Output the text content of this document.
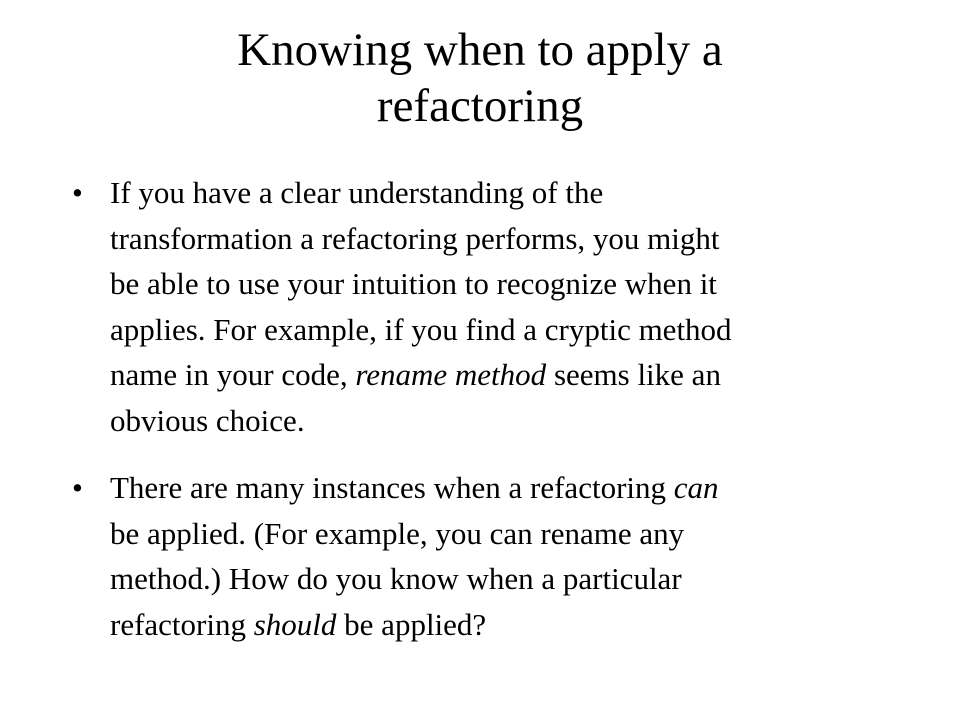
Knowing when to apply a
refactoring
• If you have a clear understanding of the
transformation a refactoring performs, you might
be able to use your intuition to recognize when it
applies. For example, if you find a cryptic method
name in your code, rename method seems like an
obvious choice.
• There are many instances when a refactoring can
be applied. (For example, you can rename any
method.) How do you know when a particular
refactoring should be applied?
